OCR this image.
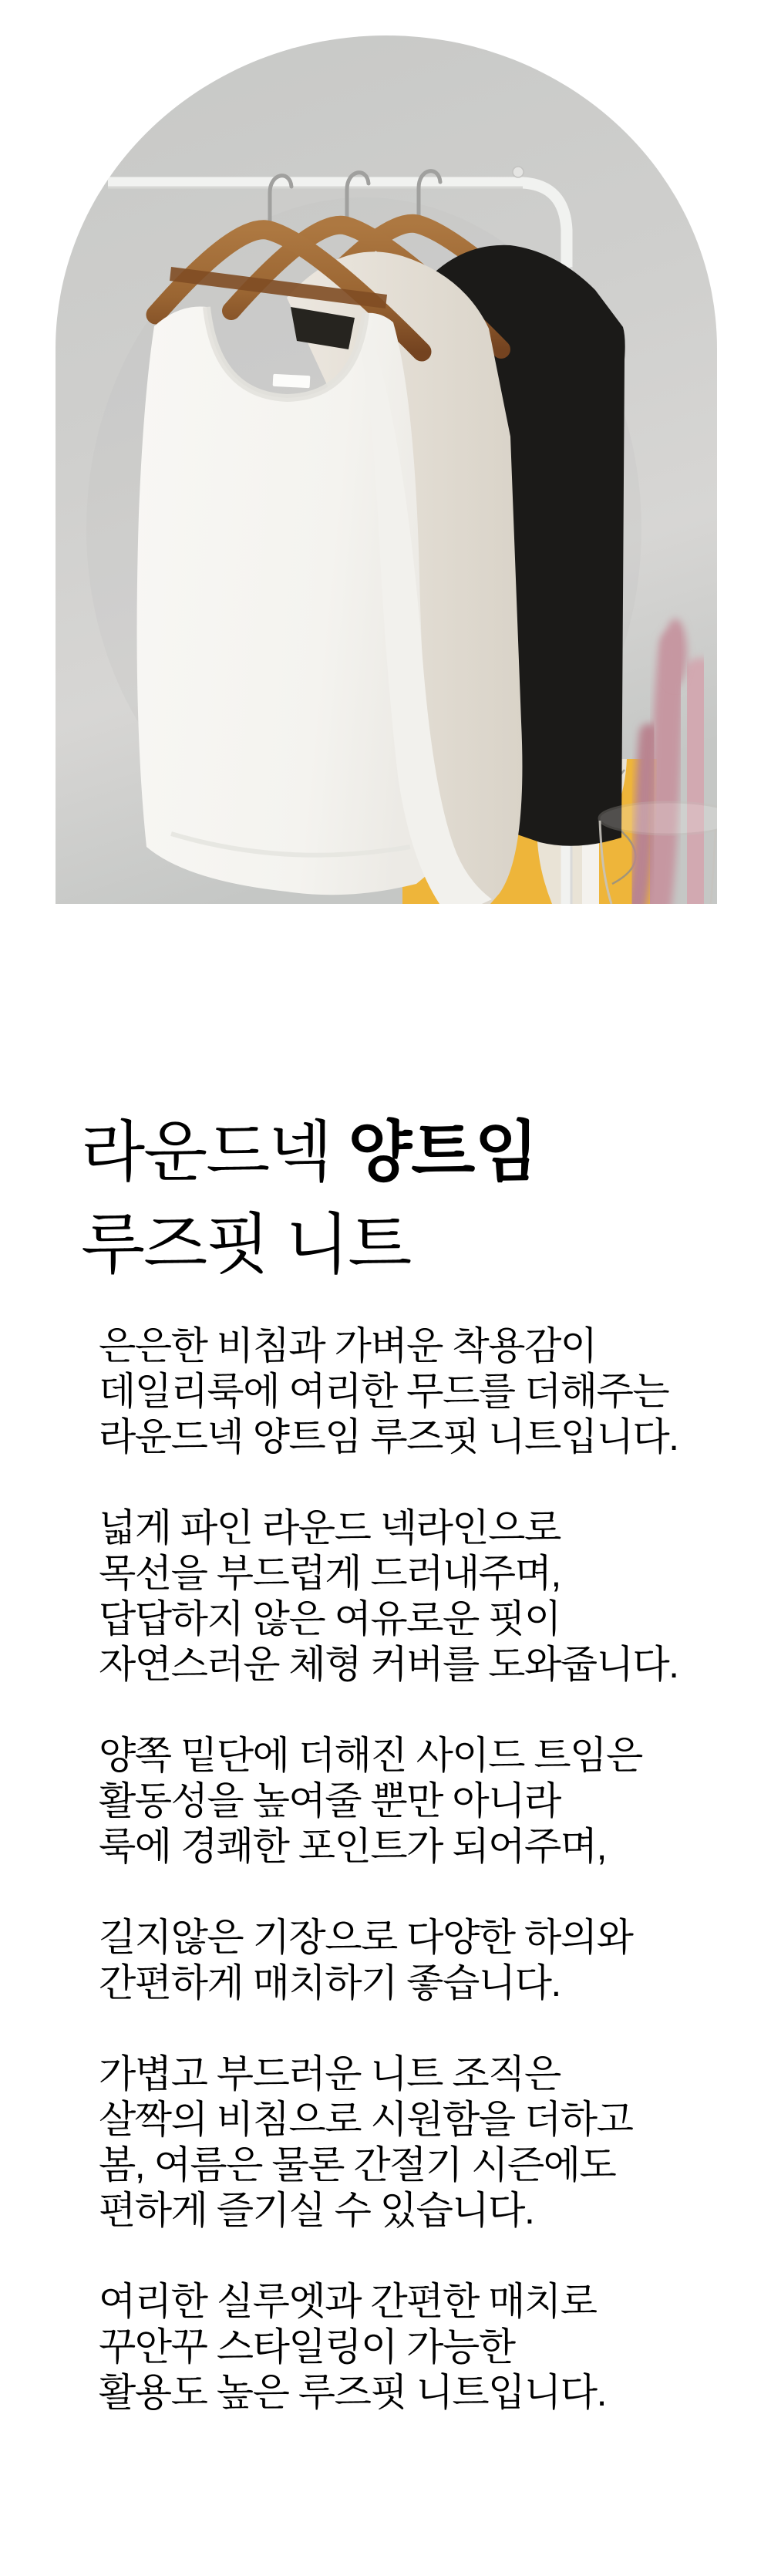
라운드넥 양트임
루즈핏 니트

은은한 비침과 가벼운 착용감이
데일리룩에 여리한 무드를 더해주는
라운드넥 양트임 루즈핏 니트입니다.

넓게 파인 라운드 넥라인으로
목선을 부드럽게 드러내주며,
답답하지 않은 여유로운 핏이
자연스러운 체형 커버를 도와줍니다.

양쪽 밑단에 더해진 사이드 트임은
활동성을 높여줄 뿐만 아니라
룩에 경쾌한 포인트가 되어주며,

길지않은 기장으로 다양한 하의와
간편하게 매치하기 좋습니다.

가볍고 부드러운 니트 조직은
살짝의 비침으로 시원함을 더하고
봄, 여름은 물론 간절기 시즌에도
편하게 즐기실 수 있습니다.

여리한 실루엣과 간편한 매치로
꾸안꾸 스타일링이 가능한
활용도 높은 루즈핏 니트입니다.
